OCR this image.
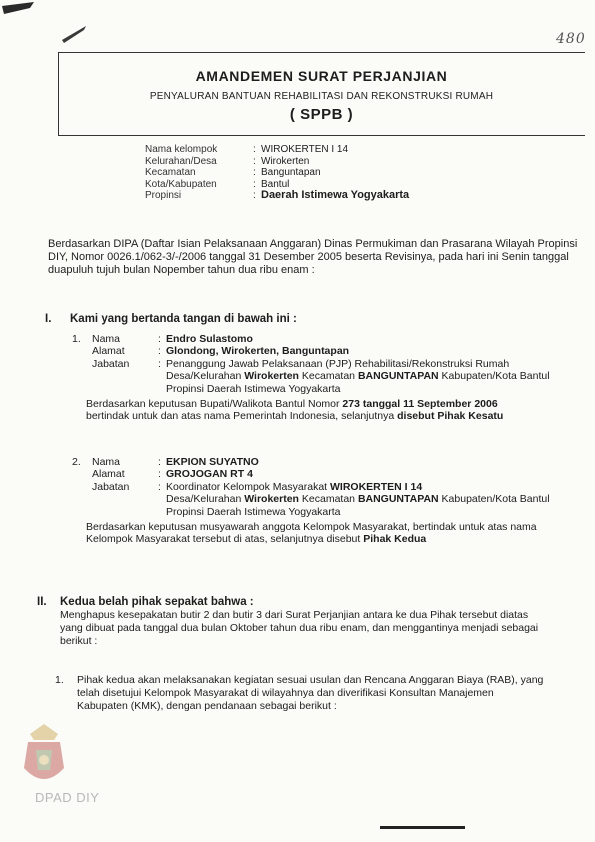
480
AMANDEMEN SURAT PERJANJIAN
PENYALURAN BANTUAN REHABILITASI DAN REKONSTRUKSI RUMAH
( SPPB )
Nama kelompok	: WIROKERTEN I 14
Kelurahan/Desa	: Wirokerten
Kecamatan	: Banguntapan
Kota/Kabupaten	: Bantul
Propinsi	: Daerah Istimewa Yogyakarta

Berdasarkan DIPA (Daftar Isian Pelaksanaan Anggaran) Dinas Permukiman dan Prasarana Wilayah Propinsi

DIY, Nomor 0026.1/062-3/-/2006 tanggal 31 Desember 2005 beserta Revisinya, pada hari ini Senin tanggal

duapuluh tujuh bulan Nopember tahun dua ribu enam :

I. Kami yang bertanda tangan di bawah ini :
1.	Nama	: Endro Sulastomo
Alamat	: Glondong, Wirokerten, Banguntapan
Jabatan	: Penanggung Jawab Pelaksanaan (PJP) Rehabilitasi/Rekonstruksi Rumah
Desa/Kelurahan Wirokerten Kecamatan BANGUNTAPAN Kabupaten/Kota Bantul
Propinsi Daerah Istimewa Yogyakarta
Berdasarkan keputusan Bupati/Walikota Bantul Nomor 273 tanggal 11 September 2006
bertindak untuk dan atas nama Pemerintah Indonesia, selanjutnya disebut Pihak Kesatu
2.	Nama	: EKPION SUYATNO
Alamat	: GROJOGAN RT 4
Jabatan	: Koordinator Kelompok Masyarakat WIROKERTEN I 14
Desa/Kelurahan Wirokerten Kecamatan BANGUNTAPAN Kabupaten/Kota Bantul
Propinsi Daerah Istimewa Yogyakarta
Berdasarkan keputusan musyawarah anggota Kelompok Masyarakat, bertindak untuk atas nama
Kelompok Masyarakat tersebut di atas, selanjutnya disebut Pihak Kedua
II. Kedua belah pihak sepakat bahwa :
Menghapus kesepakatan butir 2 dan butir 3 dari Surat Perjanjian antara ke dua Pihak tersebut diatas
yang dibuat pada tanggal dua bulan Oktober tahun dua ribu enam, dan menggantinya menjadi sebagai
berikut :
1.	Pihak kedua akan melaksanakan kegiatan sesuai usulan dan Rencana Anggaran Biaya (RAB), yang
telah disetujui Kelompok Masyarakat di wilayahnya dan diverifikasi Konsultan Manajemen
Kabupaten (KMK), dengan pendanaan sebagai berikut :
DPAD DIY
